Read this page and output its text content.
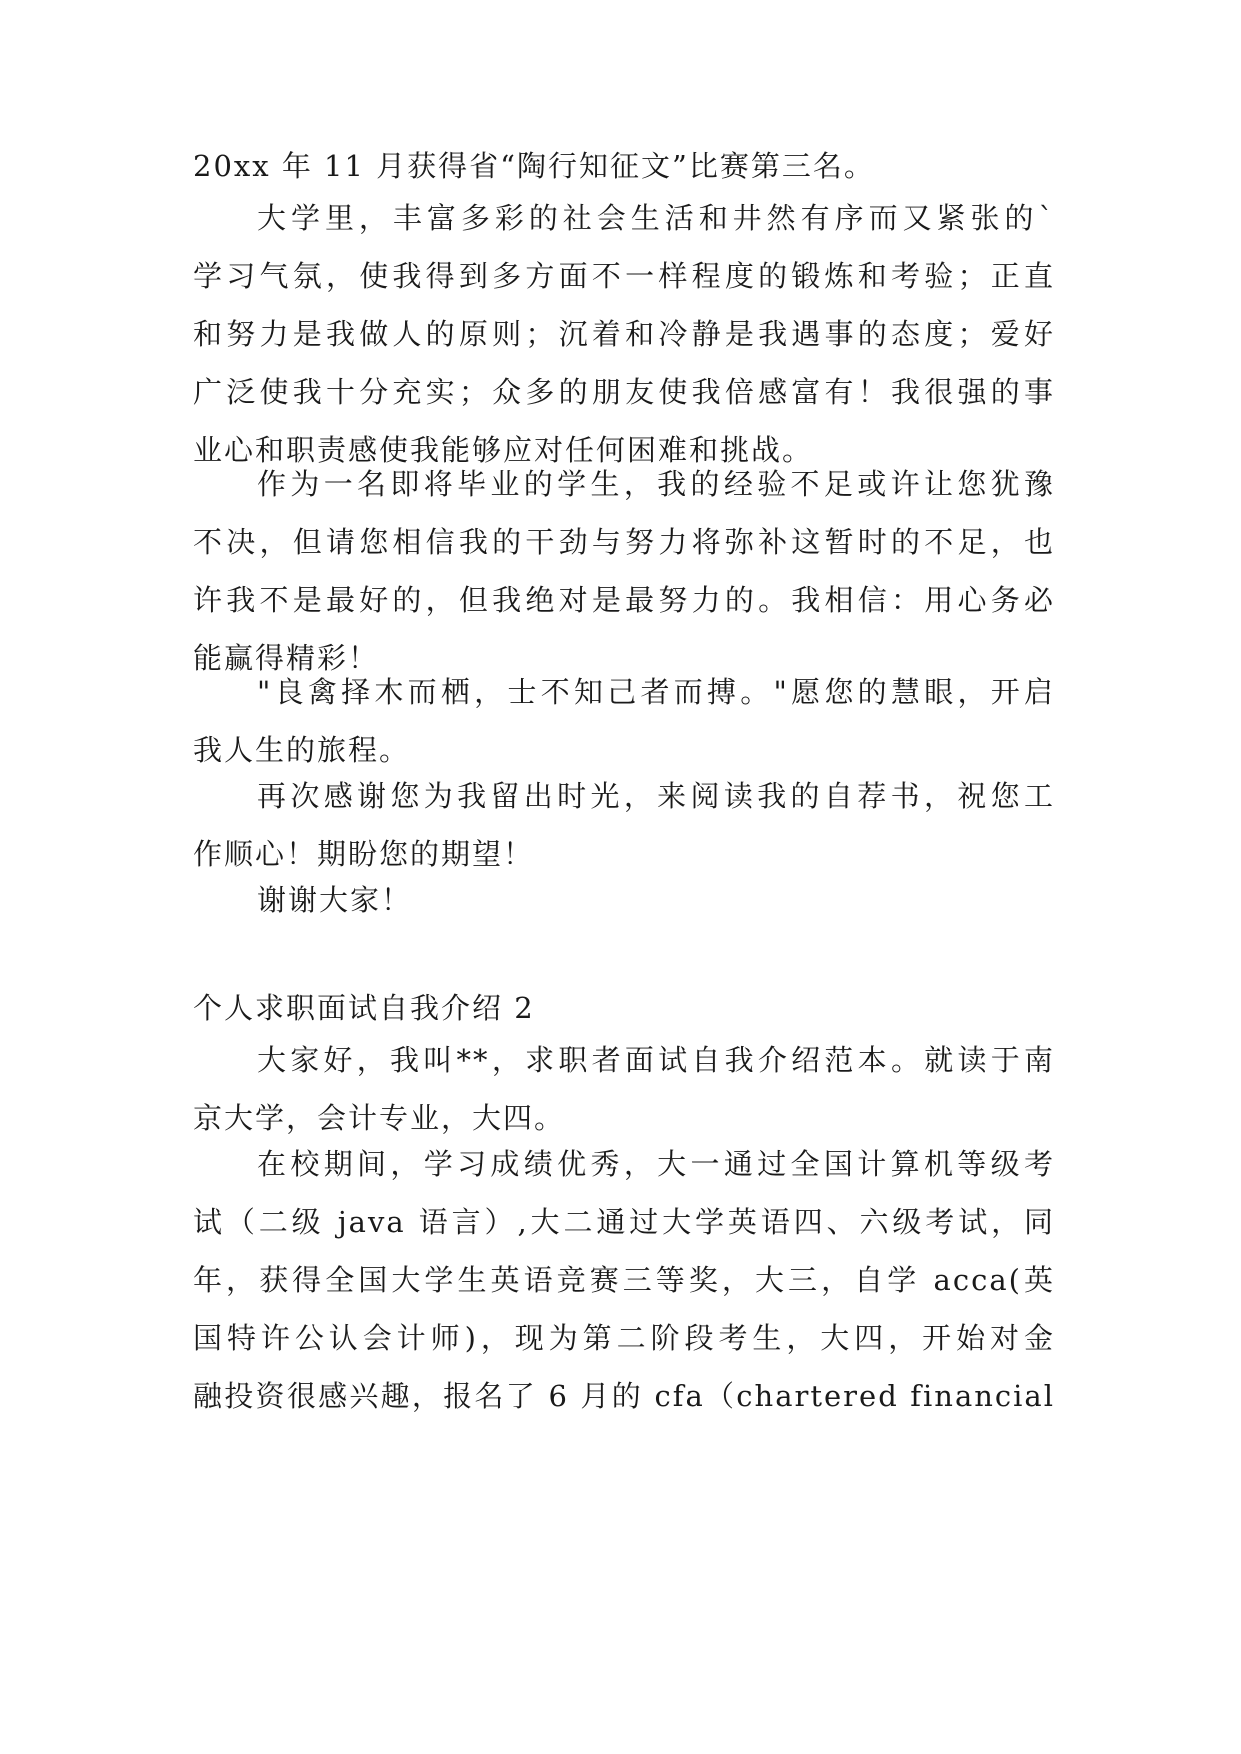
20xx 年 11 月获得省“陶行知征文”比赛第三名。
大学里，丰富多彩的社会生活和井然有序而又紧张的`
学习气氛，使我得到多方面不一样程度的锻炼和考验；正直
和努力是我做人的原则；沉着和冷静是我遇事的态度；爱好
广泛使我十分充实；众多的朋友使我倍感富有！我很强的事
业心和职责感使我能够应对任何困难和挑战。
作为一名即将毕业的学生，我的经验不足或许让您犹豫
不决，但请您相信我的干劲与努力将弥补这暂时的不足，也
许我不是最好的，但我绝对是最努力的。我相信：用心务必
能赢得精彩！
"良禽择木而栖，士不知己者而搏。"愿您的慧眼，开启
我人生的旅程。
再次感谢您为我留出时光，来阅读我的自荐书，祝您工
作顺心！期盼您的期望！
谢谢大家！
个人求职面试自我介绍 2
大家好，我叫**，求职者面试自我介绍范本。就读于南
京大学，会计专业，大四。
在校期间，学习成绩优秀，大一通过全国计算机等级考
试（二级 java 语言）,大二通过大学英语四、六级考试，同
年，获得全国大学生英语竞赛三等奖，大三，自学 acca(英
国特许公认会计师)，现为第二阶段考生，大四，开始对金
融投资很感兴趣，报名了 6 月的 cfa（chartered financial
